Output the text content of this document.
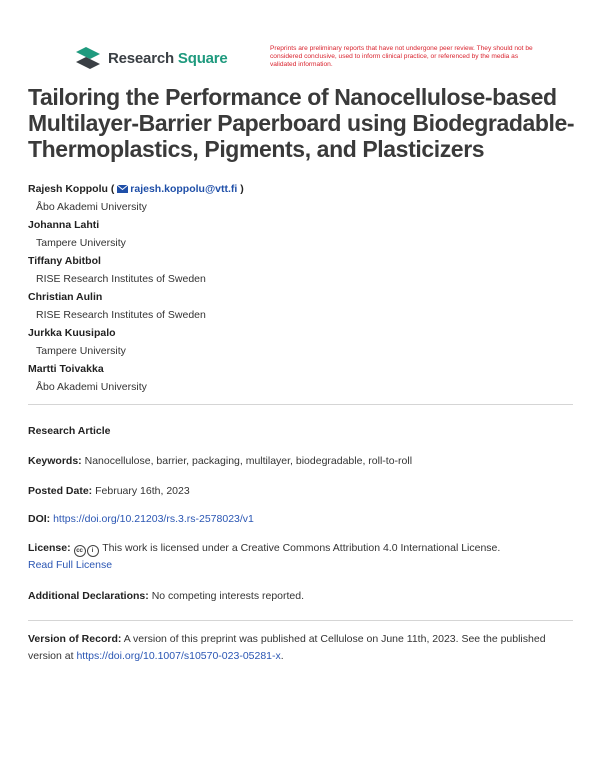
Research Square
Preprints are preliminary reports that have not undergone peer review. They should not be considered conclusive, used to inform clinical practice, or referenced by the media as validated information.
Tailoring the Performance of Nanocellulose-based Multilayer-Barrier Paperboard using Biodegradable-Thermoplastics, Pigments, and Plasticizers
Rajesh Koppolu ( rajesh.koppolu@vtt.fi )
Åbo Akademi University
Johanna Lahti
Tampere University
Tiffany Abitbol
RISE Research Institutes of Sweden
Christian Aulin
RISE Research Institutes of Sweden
Jurkka Kuusipalo
Tampere University
Martti Toivakka
Åbo Akademi University
Research Article
Keywords: Nanocellulose, barrier, packaging, multilayer, biodegradable, roll-to-roll
Posted Date: February 16th, 2023
DOI: https://doi.org/10.21203/rs.3.rs-2578023/v1
License: cc i This work is licensed under a Creative Commons Attribution 4.0 International License.
Read Full License
Additional Declarations: No competing interests reported.
Version of Record: A version of this preprint was published at Cellulose on June 11th, 2023. See the published version at https://doi.org/10.1007/s10570-023-05281-x.
